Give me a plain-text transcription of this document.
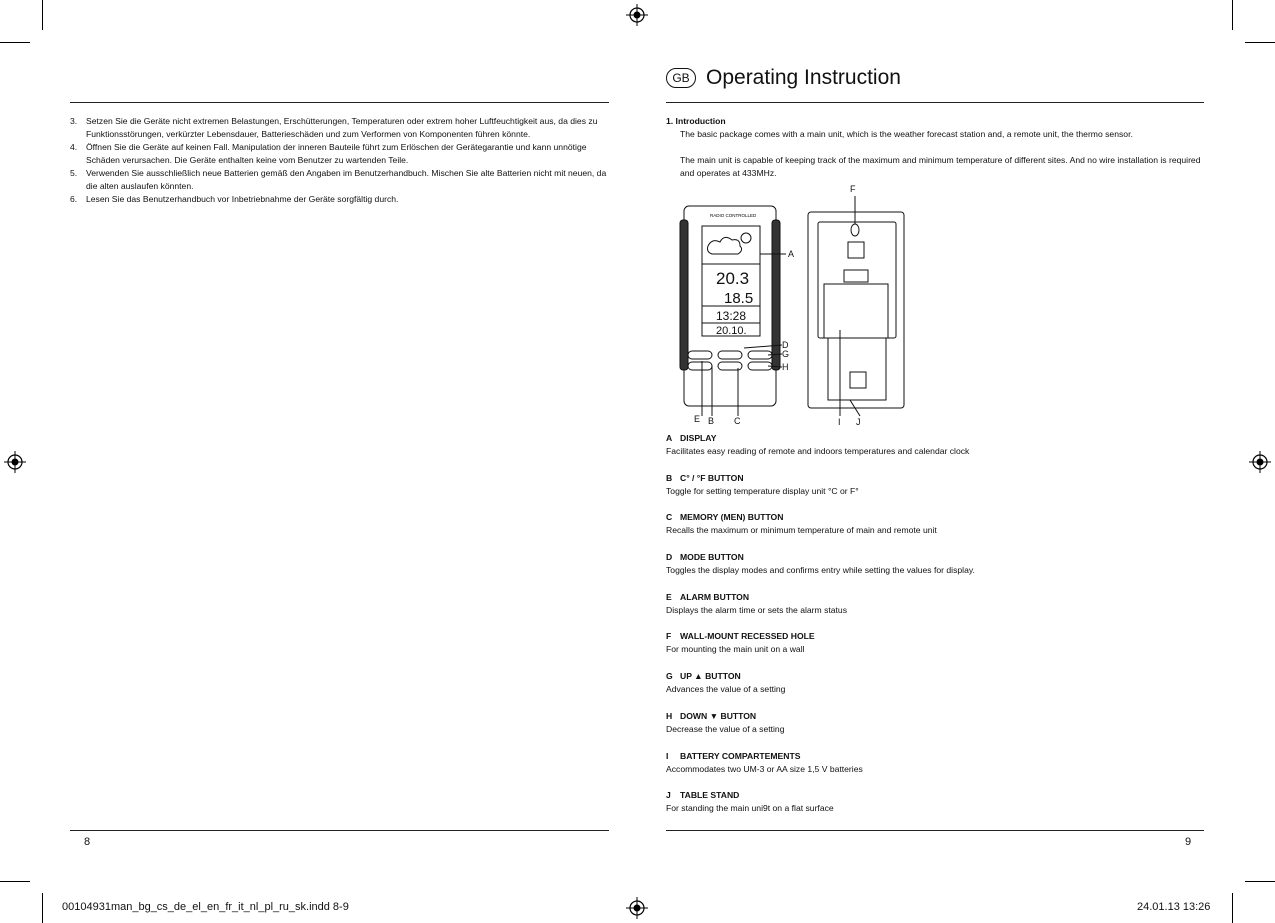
3.	Setzen Sie die Geräte nicht extremen Belastungen, Erschütterungen, Temperaturen oder extrem hoher Luftfeuchtigkeit aus, da dies zu Funktionsstörungen, verkürzter Lebensdauer, Batterieschäden und zum Verformen von Komponenten führen könnte.
4.	Öffnen Sie die Geräte auf keinen Fall. Manipulation der inneren Bauteile führt zum Erlöschen der Gerätegarantie und kann unnötige Schäden verursachen. Die Geräte enthalten keine vom Benutzer zu wartenden Teile.
5.	Verwenden Sie ausschließlich neue Batterien gemäß den Angaben im Benutzerhandbuch. Mischen Sie alte Batterien nicht mit neuen, da die alten auslaufen könnten.
6.	Lesen Sie das Benutzerhandbuch vor Inbetriebnahme der Geräte sorgfältig durch.
8
GB Operating Instruction
1. Introduction
The basic package comes with a main unit, which is the weather forecast station and, a remote unit, the thermo sensor.
The main unit is capable of keeping track of the maximum and minimum temperature of different sites. And no wire installation is required and operates at 433MHz.
RADIO CONTROLLED
20.3
18.5
13:28
20.10.
A
B C
D
E
F
G
H
I J
A DISPLAY
Facilitates easy reading of remote and indoors temperatures and calendar clock
B C° / °F BUTTON
Toggle for setting temperature display unit °C or F°
C MEMORY (MEN) BUTTON
Recalls the maximum or minimum temperature of main and remote unit
D MODE BUTTON
Toggles the display modes and confirms entry while setting the values for display.
E ALARM BUTTON
Displays the alarm time or sets the alarm status
F WALL-MOUNT RECESSED HOLE
For mounting the main unit on a wall
G UP ▲ BUTTON
Advances the value of a setting
H DOWN ▼ BUTTON
Decrease the value of a setting
I BATTERY COMPARTEMENTS
Accommodates two UM-3 or AA size 1,5 V batteries
J TABLE STAND
For standing the main uni9t on a flat surface
9
00104931man_bg_cs_de_el_en_fr_it_nl_pl_ru_sk.indd 8-9	24.01.13 13:26
